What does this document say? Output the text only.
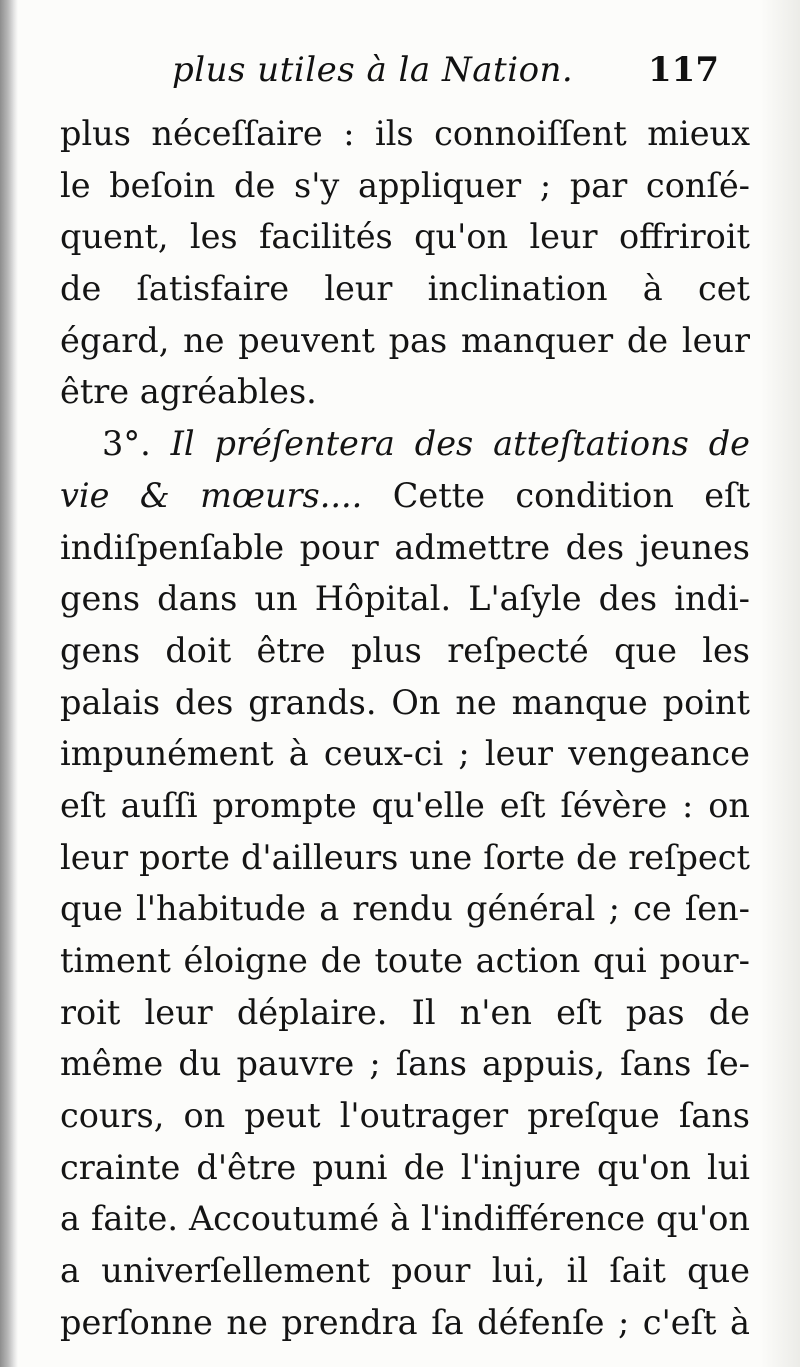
plus utiles à la Nation. 117
plus néceſſaire : ils connoiſſent mieux
le beſoin de s'y appliquer ; par conſé-
quent, les facilités qu'on leur offriroit
de ſatisfaire leur inclination à cet
égard, ne peuvent pas manquer de leur
être agréables.
3°. Il préſentera des atteſtations de
vie & mœurs.... Cette condition eſt
indiſpenſable pour admettre des jeunes
gens dans un Hôpital. L'aſyle des indi-
gens doit être plus reſpecté que les
palais des grands. On ne manque point
impunément à ceux-ci ; leur vengeance
eſt auſſi prompte qu'elle eſt ſévère : on
leur porte d'ailleurs une ſorte de reſpect
que l'habitude a rendu général ; ce ſen-
timent éloigne de toute action qui pour-
roit leur déplaire. Il n'en eſt pas de
même du pauvre ; ſans appuis, ſans ſe-
cours, on peut l'outrager preſque ſans
crainte d'être puni de l'injure qu'on lui
a faite. Accoutumé à l'indifférence qu'on
a univerſellement pour lui, il ſait que
perſonne ne prendra ſa défenſe ; c'eſt à
